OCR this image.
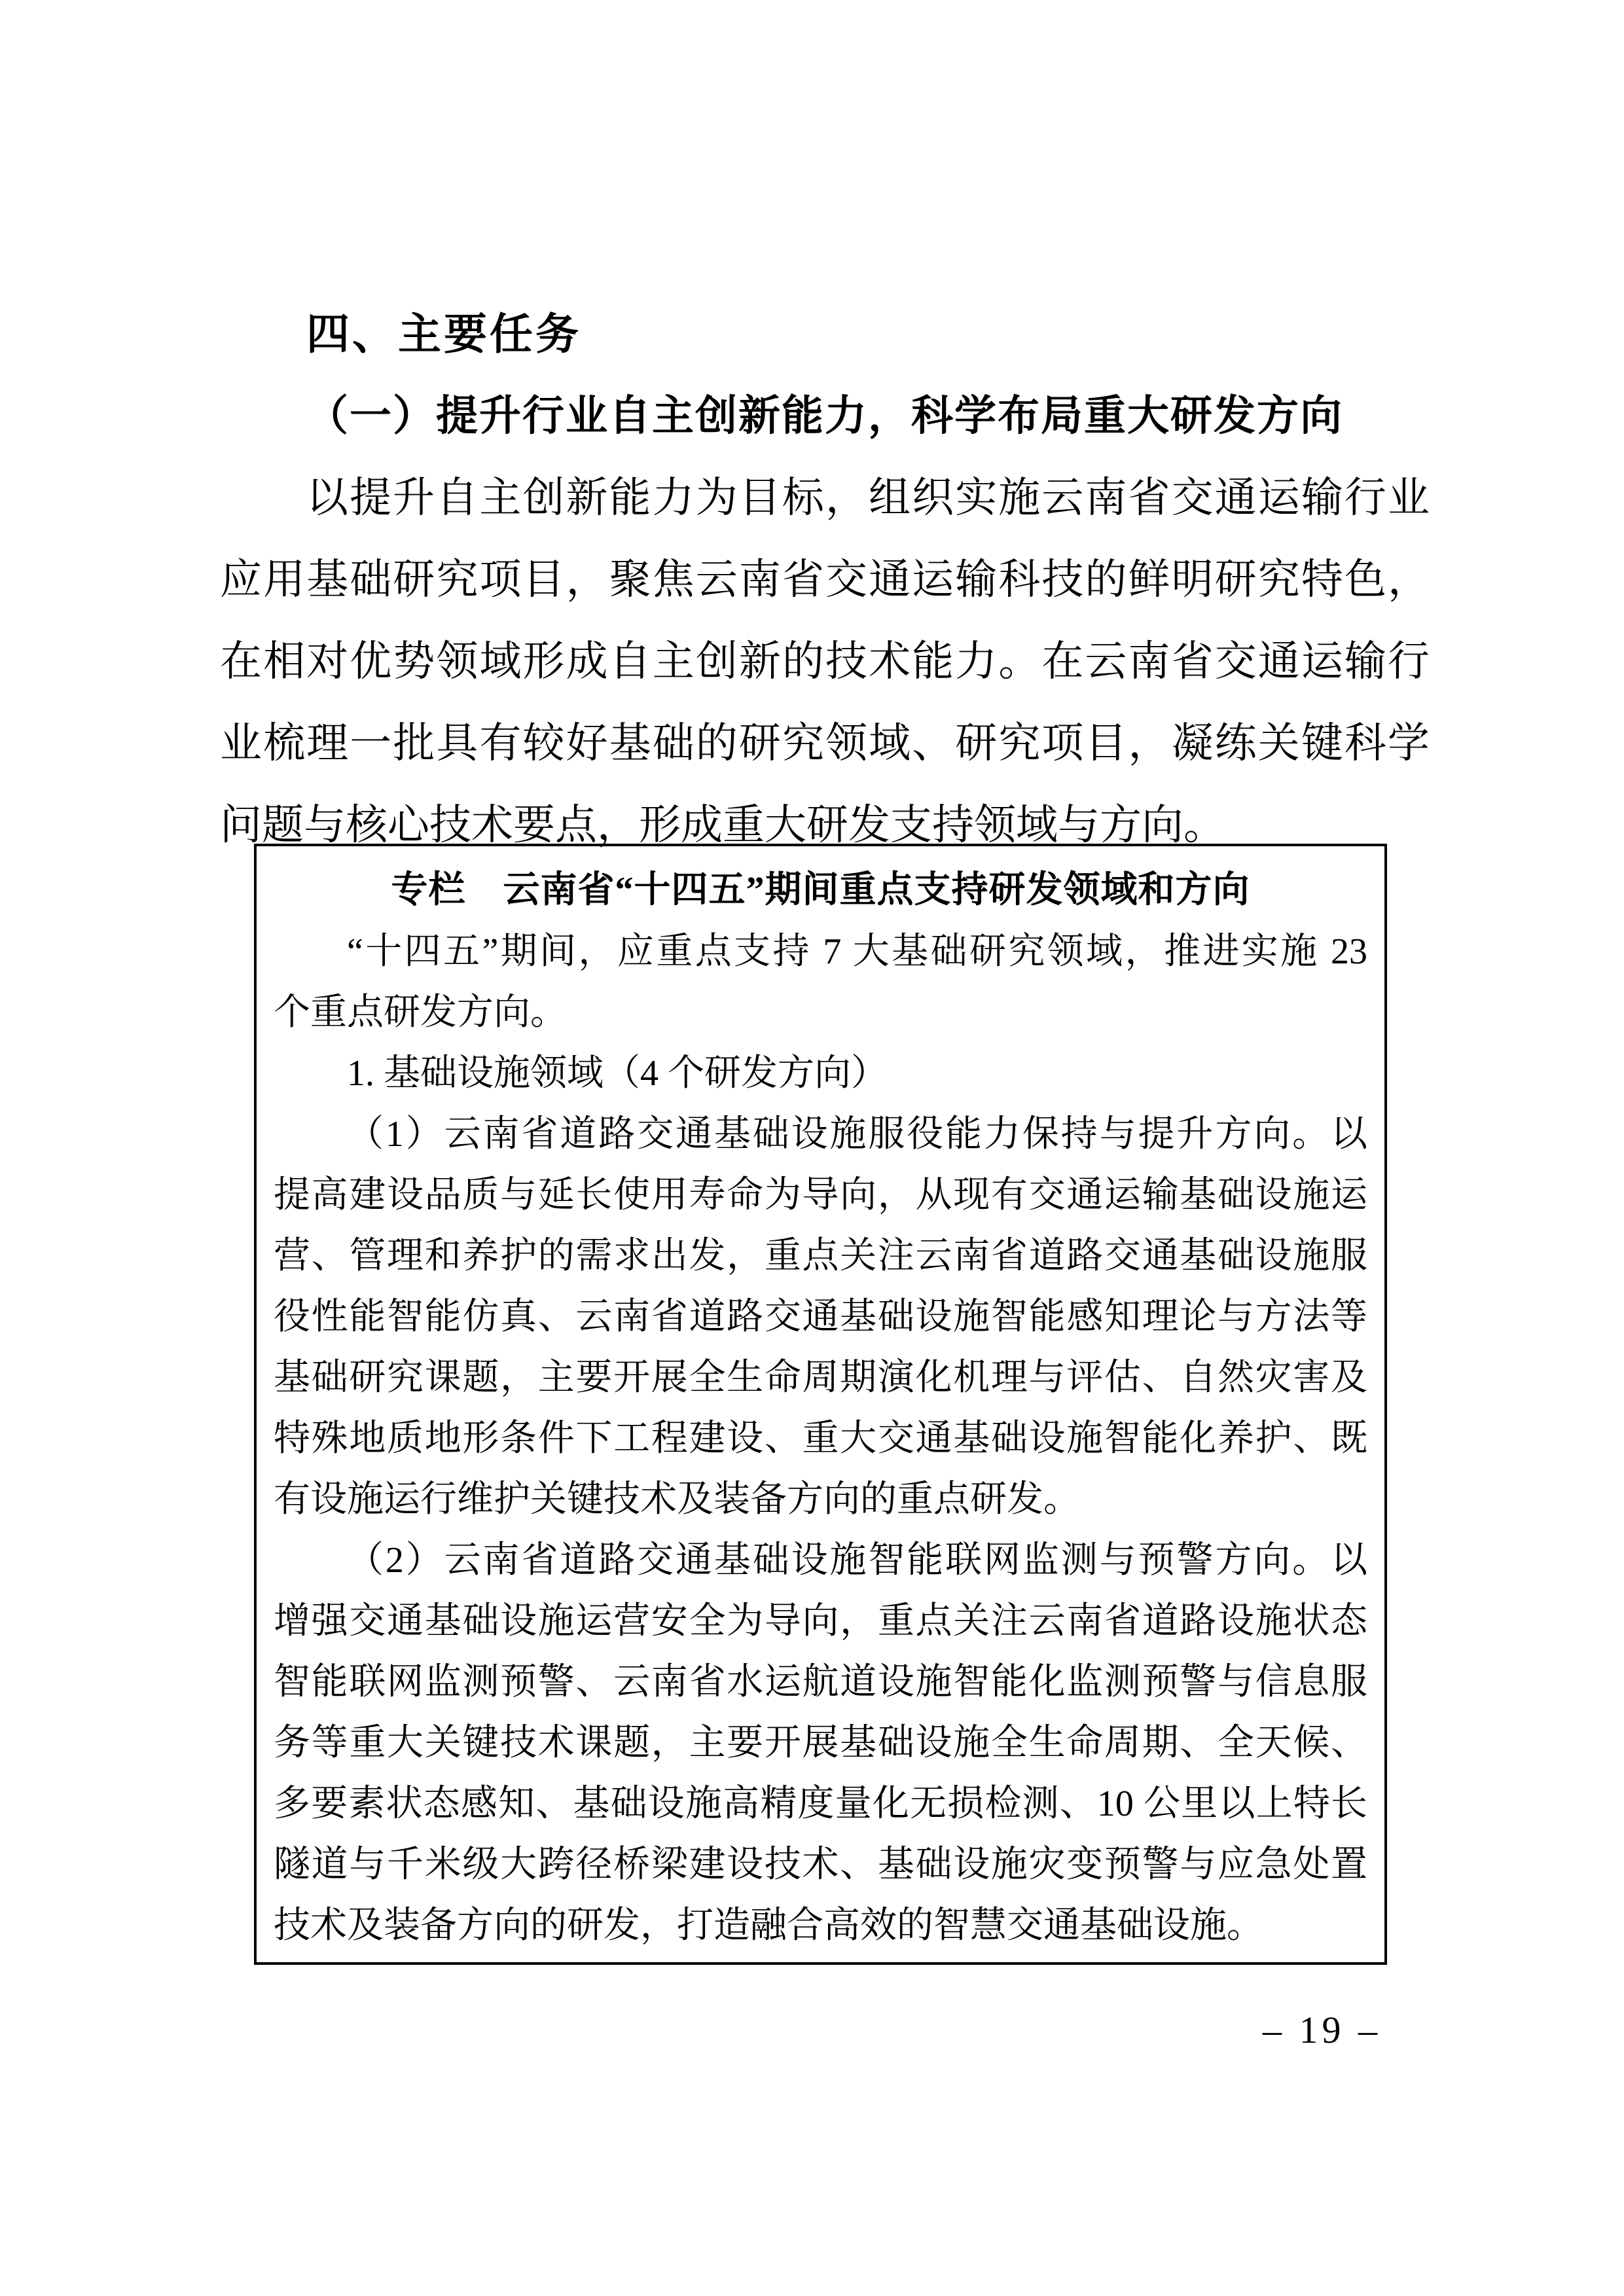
四、主要任务
（一）提升行业自主创新能力，科学布局重大研发方向
以提升自主创新能力为目标，组织实施云南省交通运输行业
应用基础研究项目，聚焦云南省交通运输科技的鲜明研究特色，
在相对优势领域形成自主创新的技术能力。在云南省交通运输行
业梳理一批具有较好基础的研究领域、研究项目，凝练关键科学
问题与核心技术要点，形成重大研发支持领域与方向。
专栏　云南省“十四五”期间重点支持研发领域和方向
“十四五”期间，应重点支持 7 大基础研究领域，推进实施 23
个重点研发方向。
1. 基础设施领域（4 个研发方向）
（1）云南省道路交通基础设施服役能力保持与提升方向。以
提高建设品质与延长使用寿命为导向，从现有交通运输基础设施运
营、管理和养护的需求出发，重点关注云南省道路交通基础设施服
役性能智能仿真、云南省道路交通基础设施智能感知理论与方法等
基础研究课题，主要开展全生命周期演化机理与评估、自然灾害及
特殊地质地形条件下工程建设、重大交通基础设施智能化养护、既
有设施运行维护关键技术及装备方向的重点研发。
（2）云南省道路交通基础设施智能联网监测与预警方向。以
增强交通基础设施运营安全为导向，重点关注云南省道路设施状态
智能联网监测预警、云南省水运航道设施智能化监测预警与信息服
务等重大关键技术课题，主要开展基础设施全生命周期、全天候、
多要素状态感知、基础设施高精度量化无损检测、10 公里以上特长
隧道与千米级大跨径桥梁建设技术、基础设施灾变预警与应急处置
技术及装备方向的研发，打造融合高效的智慧交通基础设施。
– 19 –
